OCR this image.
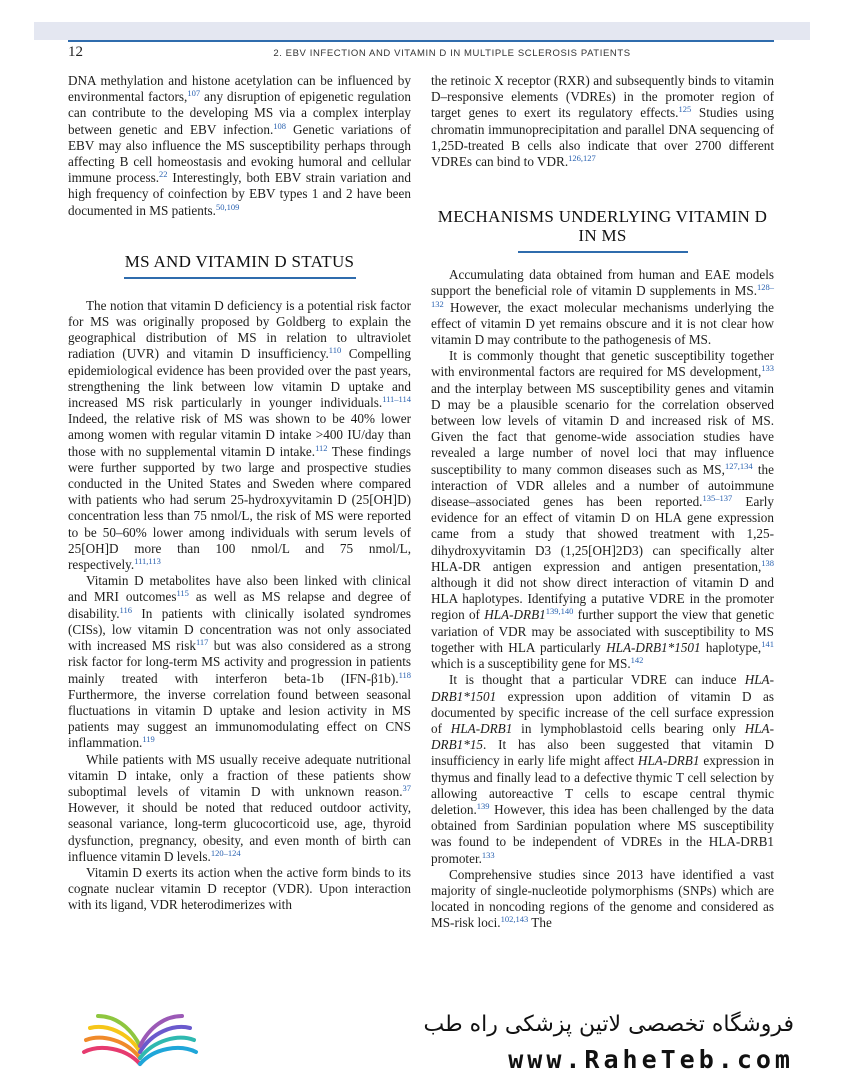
12	2. EBV INFECTION AND VITAMIN D IN MULTIPLE SCLEROSIS PATIENTS

DNA methylation and histone acetylation can be influenced by environmental factors,$^{107}$ any disruption of epigenetic regulation can contribute to the developing MS via a complex interplay between genetic and EBV infection.$^{108}$ Genetic variations of EBV may also influence the MS susceptibility perhaps through affecting B cell homeostasis and evoking humoral and cellular immune process.$^{22}$ Interestingly, both EBV strain variation and high frequency of coinfection by EBV types 1 and 2 have been documented in MS patients.$^{50,109}$

MS AND VITAMIN D STATUS

The notion that vitamin D deficiency is a potential risk factor for MS was originally proposed by Goldberg to explain the geographical distribution of MS in relation to ultraviolet radiation (UVR) and vitamin D insufficiency.$^{110}$ Compelling epidemiological evidence has been provided over the past years, strengthening the link between low vitamin D uptake and increased MS risk particularly in younger individuals.$^{111-114}$ Indeed, the relative risk of MS was shown to be 40% lower among women with regular vitamin D intake >400 IU/day than those with no supplemental vitamin D intake.$^{112}$ These findings were further supported by two large and prospective studies conducted in the United States and Sweden where compared with patients who had serum 25-hydroxyvitamin D (25[OH]D) concentration less than 75 nmol/L, the risk of MS were reported to be 50–60% lower among individuals with serum levels of 25[OH]D more than 100 nmol/L and 75 nmol/L, respectively.$^{111,113}$

Vitamin D metabolites have also been linked with clinical and MRI outcomes$^{115}$ as well as MS relapse and degree of disability.$^{116}$ In patients with clinically isolated syndromes (CISs), low vitamin D concentration was not only associated with increased MS risk$^{117}$ but was also considered as a strong risk factor for long-term MS activity and progression in patients mainly treated with interferon beta-1b (IFN-β1b).$^{118}$ Furthermore, the inverse correlation found between seasonal fluctuations in vitamin D uptake and lesion activity in MS patients may suggest an immunomodulating effect on CNS inflammation.$^{119}$

While patients with MS usually receive adequate nutritional vitamin D intake, only a fraction of these patients show suboptimal levels of vitamin D with unknown reason.$^{37}$ However, it should be noted that reduced outdoor activity, seasonal variance, long-term glucocorticoid use, age, thyroid dysfunction, pregnancy, obesity, and even month of birth can influence vitamin D levels.$^{120-124}$

Vitamin D exerts its action when the active form binds to its cognate nuclear vitamin D receptor (VDR). Upon interaction with its ligand, VDR heterodimerizes with

the retinoic X receptor (RXR) and subsequently binds to vitamin D–responsive elements (VDREs) in the promoter region of target genes to exert its regulatory effects.$^{125}$ Studies using chromatin immunoprecipitation and parallel DNA sequencing of 1,25D-treated B cells also indicate that over 2700 different VDREs can bind to VDR.$^{126,127}$

MECHANISMS UNDERLYING VITAMIN D IN MS

Accumulating data obtained from human and EAE models support the beneficial role of vitamin D supplements in MS.$^{128-132}$ However, the exact molecular mechanisms underlying the effect of vitamin D yet remains obscure and it is not clear how vitamin D may contribute to the pathogenesis of MS.

It is commonly thought that genetic susceptibility together with environmental factors are required for MS development,$^{133}$ and the interplay between MS susceptibility genes and vitamin D may be a plausible scenario for the correlation observed between low levels of vitamin D and increased risk of MS. Given the fact that genome-wide association studies have revealed a large number of novel loci that may influence susceptibility to many common diseases such as MS,$^{127,134}$ the interaction of VDR alleles and a number of autoimmune disease–associated genes has been reported.$^{135-137}$ Early evidence for an effect of vitamin D on HLA gene expression came from a study that showed treatment with 1,25-dihydroxyvitamin D3 (1,25[OH]2D3) can specifically alter HLA-DR antigen expression and antigen presentation,$^{138}$ although it did not show direct interaction of vitamin D and HLA haplotypes. Identifying a putative VDRE in the promoter region of HLA-DRB1$^{139,140}$ further support the view that genetic variation of VDR may be associated with susceptibility to MS together with HLA particularly HLA-DRB1*1501 haplotype,$^{141}$ which is a susceptibility gene for MS.$^{142}$

It is thought that a particular VDRE can induce HLA-DRB1*1501 expression upon addition of vitamin D as documented by specific increase of the cell surface expression of HLA-DRB1 in lymphoblastoid cells bearing only HLA-DRB1*15. It has also been suggested that vitamin D insufficiency in early life might affect HLA-DRB1 expression in thymus and finally lead to a defective thymic T cell selection by allowing autoreactive T cells to escape central thymic deletion.$^{139}$ However, this idea has been challenged by the data obtained from Sardinian population where MS susceptibility was found to be independent of VDREs in the HLA-DRB1 promoter.$^{133}$

Comprehensive studies since 2013 have identified a vast majority of single-nucleotide polymorphisms (SNPs) which are located in noncoding regions of the genome and considered as MS-risk loci.$^{102,143}$ The

فروشگاه تخصصی لاتین پزشکی راه طب
www.RaheTeb.com
